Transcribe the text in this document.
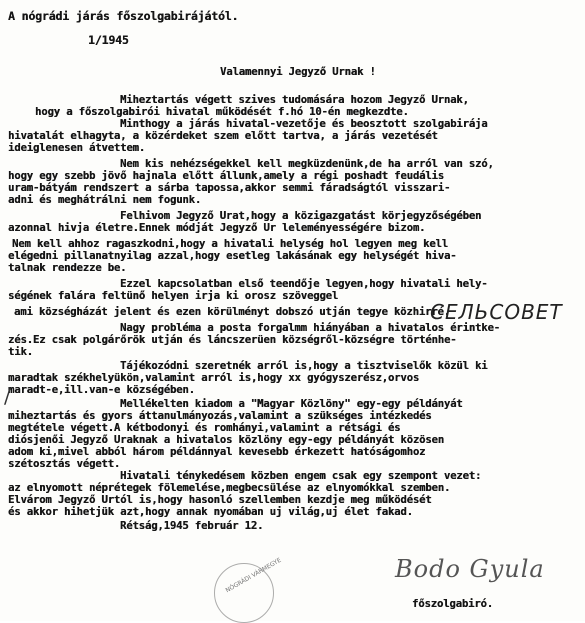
A nógrádi járás főszolgabirájától.
1/1945
Valamennyi Jegyző Urnak !
Miheztartás végett szives tudomására hozom Jegyző Urnak,
hogy a főszolgabirói hivatal működését f.hó 10-én megkezdte.
Minthogy a járás hivatal-vezetője és beosztott szolgabirája
hivatalát elhagyta, a közérdeket szem előtt tartva, a járás vezetését
ideiglenesen átvettem.
Nem kis nehézségekkel kell megküzdenünk,de ha arról van szó,
hogy egy szebb jövő hajnala előtt állunk,amely a régi poshadt feudális
uram-bátyám rendszert a sárba tapossa,akkor semmi fáradságtól visszari-
adni és meghátrálni nem fogunk.
Felhivom Jegyző Urat,hogy a közigazgatást körjegyzőségében
azonnal hivja életre.Ennek módját Jegyző Ur leleményességére bizom.
Nem kell ahhoz ragaszkodni,hogy a hivatali helység hol legyen meg kell
elégedni pillanatnyilag azzal,hogy esetleg lakásának egy helységét hiva-
talnak rendezze be.
Ezzel kapcsolatban első teendője legyen,hogy hivatali hely-
ségének falára feltünő helyen irja ki orosz szöveggel
ami községházát jelent és ezen körülményt dobszó utján tegye közhirré.
Nagy probléma a posta forgalmm hiányában a hivatalos érintke-
zés.Ez csak polgárőrök utján és láncszerüen községről-községre történhe-
tik.
Tájékozódni szeretnék arról is,hogy a tisztviselők közül ki
maradtak székhelyükön,valamint arról is,hogy xx gyógyszerész,orvos
maradt-e,ill.van-e községében.
Mellékelten kiadom a "Magyar Közlöny" egy-egy példányát
miheztartás és gyors áttanulmányozás,valamint a szükséges intézkedés
megtétele végett.A kétbodonyi és romhányi,valamint a rétsági és
diósjenői Jegyző Uraknak a hivatalos közlöny egy-egy példányát közösen
adom ki,mivel abból három példánnyal kevesebb érkezett hatóságomhoz
szétosztás végett.
Hivatali ténykedésem közben engem csak egy szempont vezet:
az elnyomott néprétegek fölemelése,megbecsülése az elnyomókkal szemben.
Elvárom Jegyző Urtól is,hogy hasonló szellemben kezdje meg működését
és akkor hihetjük azt,hogy annak nyomában uj világ,uj élet fakad.
Rétság,1945 február 12.
főszolgabiró.
СЕЛЬСОВЕТ
/
NÓGRÁDI VÁRMEGYE	Bodo Gyula
